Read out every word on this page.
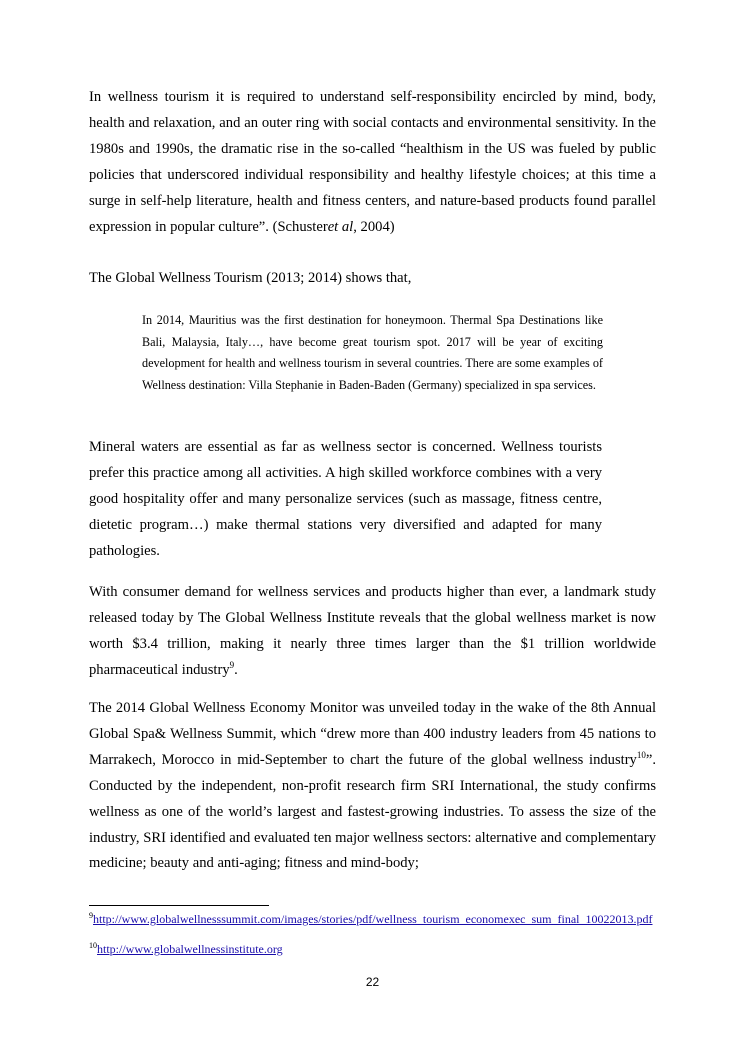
In wellness tourism it is required to understand self-responsibility encircled by mind, body, health and relaxation, and an outer ring with social contacts and environmental sensitivity. In the 1980s and 1990s, the dramatic rise in the so-called “healthism in the US was fueled by public policies that underscored individual responsibility and healthy lifestyle choices; at this time a surge in self-help literature, health and fitness centers, and nature-based products found parallel expression in popular culture”. (Schusteret al, 2004)

The Global Wellness Tourism (2013; 2014) shows that,

In 2014, Mauritius was the first destination for honeymoon. Thermal Spa Destinations like Bali, Malaysia, Italy…, have become great tourism spot. 2017 will be year of exciting development for health and wellness tourism in several countries. There are some examples of Wellness destination: Villa Stephanie in Baden-Baden (Germany) specialized in spa services.

Mineral waters are essential as far as wellness sector is concerned. Wellness tourists prefer this practice among all activities. A high skilled workforce combines with a very good hospitality offer and many personalize services (such as massage, fitness centre, dietetic program…) make thermal stations very diversified and adapted for many pathologies.

With consumer demand for wellness services and products higher than ever, a landmark study released today by The Global Wellness Institute reveals that the global wellness market is now worth $3.4 trillion, making it nearly three times larger than the $1 trillion worldwide pharmaceutical industry$^9$.

The 2014 Global Wellness Economy Monitor was unveiled today in the wake of the 8th Annual Global Spa& Wellness Summit, which “drew more than 400 industry leaders from 45 nations to Marrakech, Morocco in mid-September to chart the future of the global wellness industry$^{10}$”. Conducted by the independent, non-profit research firm SRI International, the study confirms wellness as one of the world’s largest and fastest-growing industries. To assess the size of the industry, SRI identified and evaluated ten major wellness sectors: alternative and complementary medicine; beauty and anti-aging; fitness and mind-body;

$^9$http://www.globalwellnesssummit.com/images/stories/pdf/wellness_tourism_economexec_sum_final_10022013.pdf

$^{10}$http://www.globalwellnessinstitute.org

22
